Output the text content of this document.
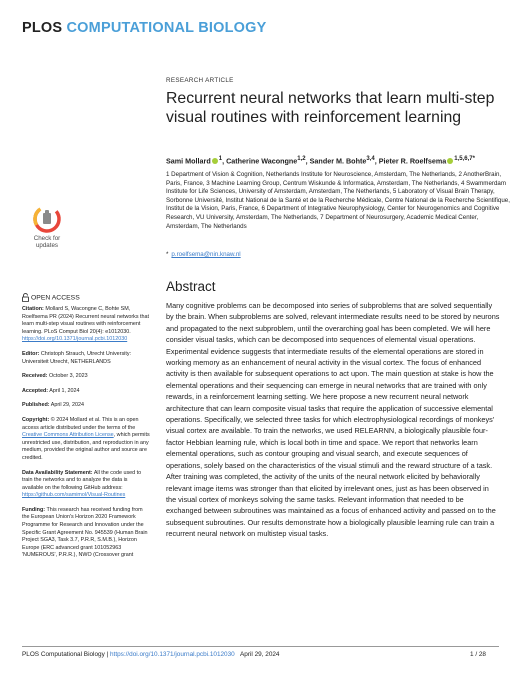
PLOS COMPUTATIONAL BIOLOGY
RESEARCH ARTICLE
Recurrent neural networks that learn multi-step visual routines with reinforcement learning
Sami Mollard $^1$, Catherine Wacongne$^{1,2}$, Sander M. Bohte$^{3,4}$, Pieter R. Roelfsema $^{1,5,6,7*}$
1 Department of Vision & Cognition, Netherlands Institute for Neuroscience, Amsterdam, The Netherlands, 2 AnotherBrain, Paris, France, 3 Machine Learning Group, Centrum Wiskunde & Informatica, Amsterdam, The Netherlands, 4 Swammerdam Institute for Life Sciences, University of Amsterdam, Amsterdam, The Netherlands, 5 Laboratory of Visual Brain Therapy, Sorbonne Université, Institut National de la Santé et de la Recherche Médicale, Centre National de la Recherche Scientifique, Institut de la Vision, Paris, France, 6 Department of Integrative Neurophysiology, Center for Neurogenomics and Cognitive Research, VU University, Amsterdam, The Netherlands, 7 Department of Neurosurgery, Academic Medical Center, Amsterdam, The Netherlands
* p.roelfsema@nin.knaw.nl
Check for
updates
OPEN ACCESS

Citation: Mollard S, Wacongne C, Bohte SM, Roelfsema PR (2024) Recurrent neural networks that learn multi-step visual routines with reinforcement learning. PLoS Comput Biol 20(4): e1012030. https://doi.org/10.1371/journal.pcbi.1012030

Editor: Christoph Strauch, Utrecht University: Universiteit Utrecht, NETHERLANDS

Received: October 3, 2023

Accepted: April 1, 2024

Published: April 29, 2024

Copyright: © 2024 Mollard et al. This is an open access article distributed under the terms of the Creative Commons Attribution License, which permits unrestricted use, distribution, and reproduction in any medium, provided the original author and source are credited.

Data Availability Statement: All the code used to train the networks and to analyze the data is available on the following GitHub address: https://github.com/samimol/Visual-Routines

Funding: This research has received funding from the European Union's Horizon 2020 Framework Programme for Research and Innovation under the Specific Grant Agreement No. 945539 (Human Brain Project SGA3, Task 3.7, P.R.R, S.M.B.), Horizon Europe (ERC advanced grant 101052963 'NUMEROUS', P.R.R.), NWO (Crossover grant

Abstract
Many cognitive problems can be decomposed into series of subproblems that are solved sequentially by the brain. When subproblems are solved, relevant intermediate results need to be stored by neurons and propagated to the next subproblem, until the overarching goal has been completed. We will here consider visual tasks, which can be decomposed into sequences of elemental visual operations. Experimental evidence suggests that intermediate results of the elemental operations are stored in working memory as an enhancement of neural activity in the visual cortex. The focus of enhanced activity is then available for subsequent operations to act upon. The main question at stake is how the elemental operations and their sequencing can emerge in neural networks that are trained with only rewards, in a reinforcement learning setting. We here propose a new recurrent neural network architecture that can learn composite visual tasks that require the application of successive elemental operations. Specifically, we selected three tasks for which electrophysiological recordings of monkeys' visual cortex are available. To train the networks, we used RELEARNN, a biologically plausible four-factor Hebbian learning rule, which is local both in time and space. We report that networks learn elemental operations, such as contour grouping and visual search, and execute sequences of operations, solely based on the characteristics of the visual stimuli and the reward structure of a task. After training was completed, the activity of the units of the neural network elicited by behaviorally relevant image items was stronger than that elicited by irrelevant ones, just as has been observed in the visual cortex of monkeys solving the same tasks. Relevant information that needed to be exchanged between subroutines was maintained as a focus of enhanced activity and passed on to the subsequent subroutines. Our results demonstrate how a biologically plausible learning rule can train a recurrent neural network on multistep visual tasks.
PLOS Computational Biology | https://doi.org/10.1371/journal.pcbi.1012030 April 29, 2024	1 / 28
